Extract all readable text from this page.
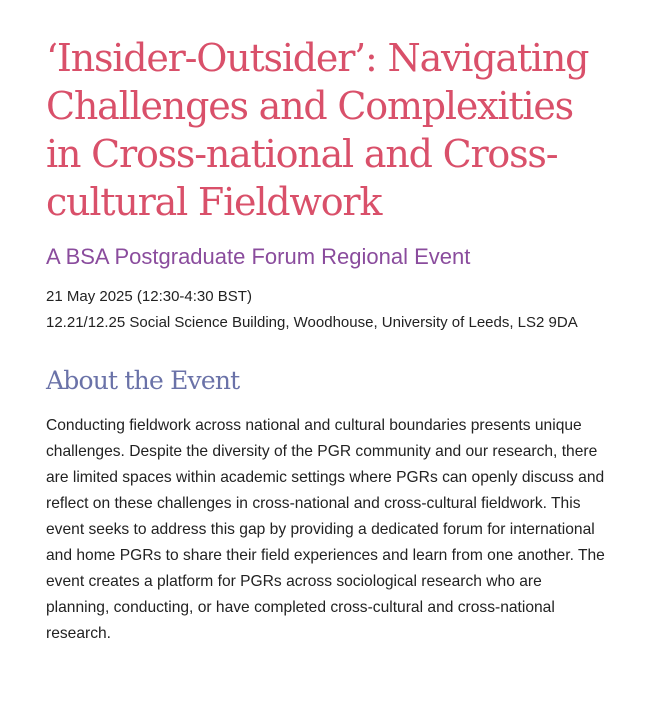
‘Insider-Outsider’: Navigating Challenges and Complexities in Cross-national and Cross-cultural Fieldwork
A BSA Postgraduate Forum Regional Event
21 May 2025 (12:30-4:30 BST)
12.21/12.25 Social Science Building, Woodhouse, University of Leeds, LS2 9DA
About the Event

Conducting fieldwork across national and cultural boundaries presents unique challenges. Despite the diversity of the PGR community and our research, there are limited spaces within academic settings where PGRs can openly discuss and reflect on these challenges in cross-national and cross-cultural fieldwork. This event seeks to address this gap by providing a dedicated forum for international and home PGRs to share their field experiences and learn from one another. The event creates a platform for PGRs across sociological research who are planning, conducting, or have completed cross-cultural and cross-national research.
